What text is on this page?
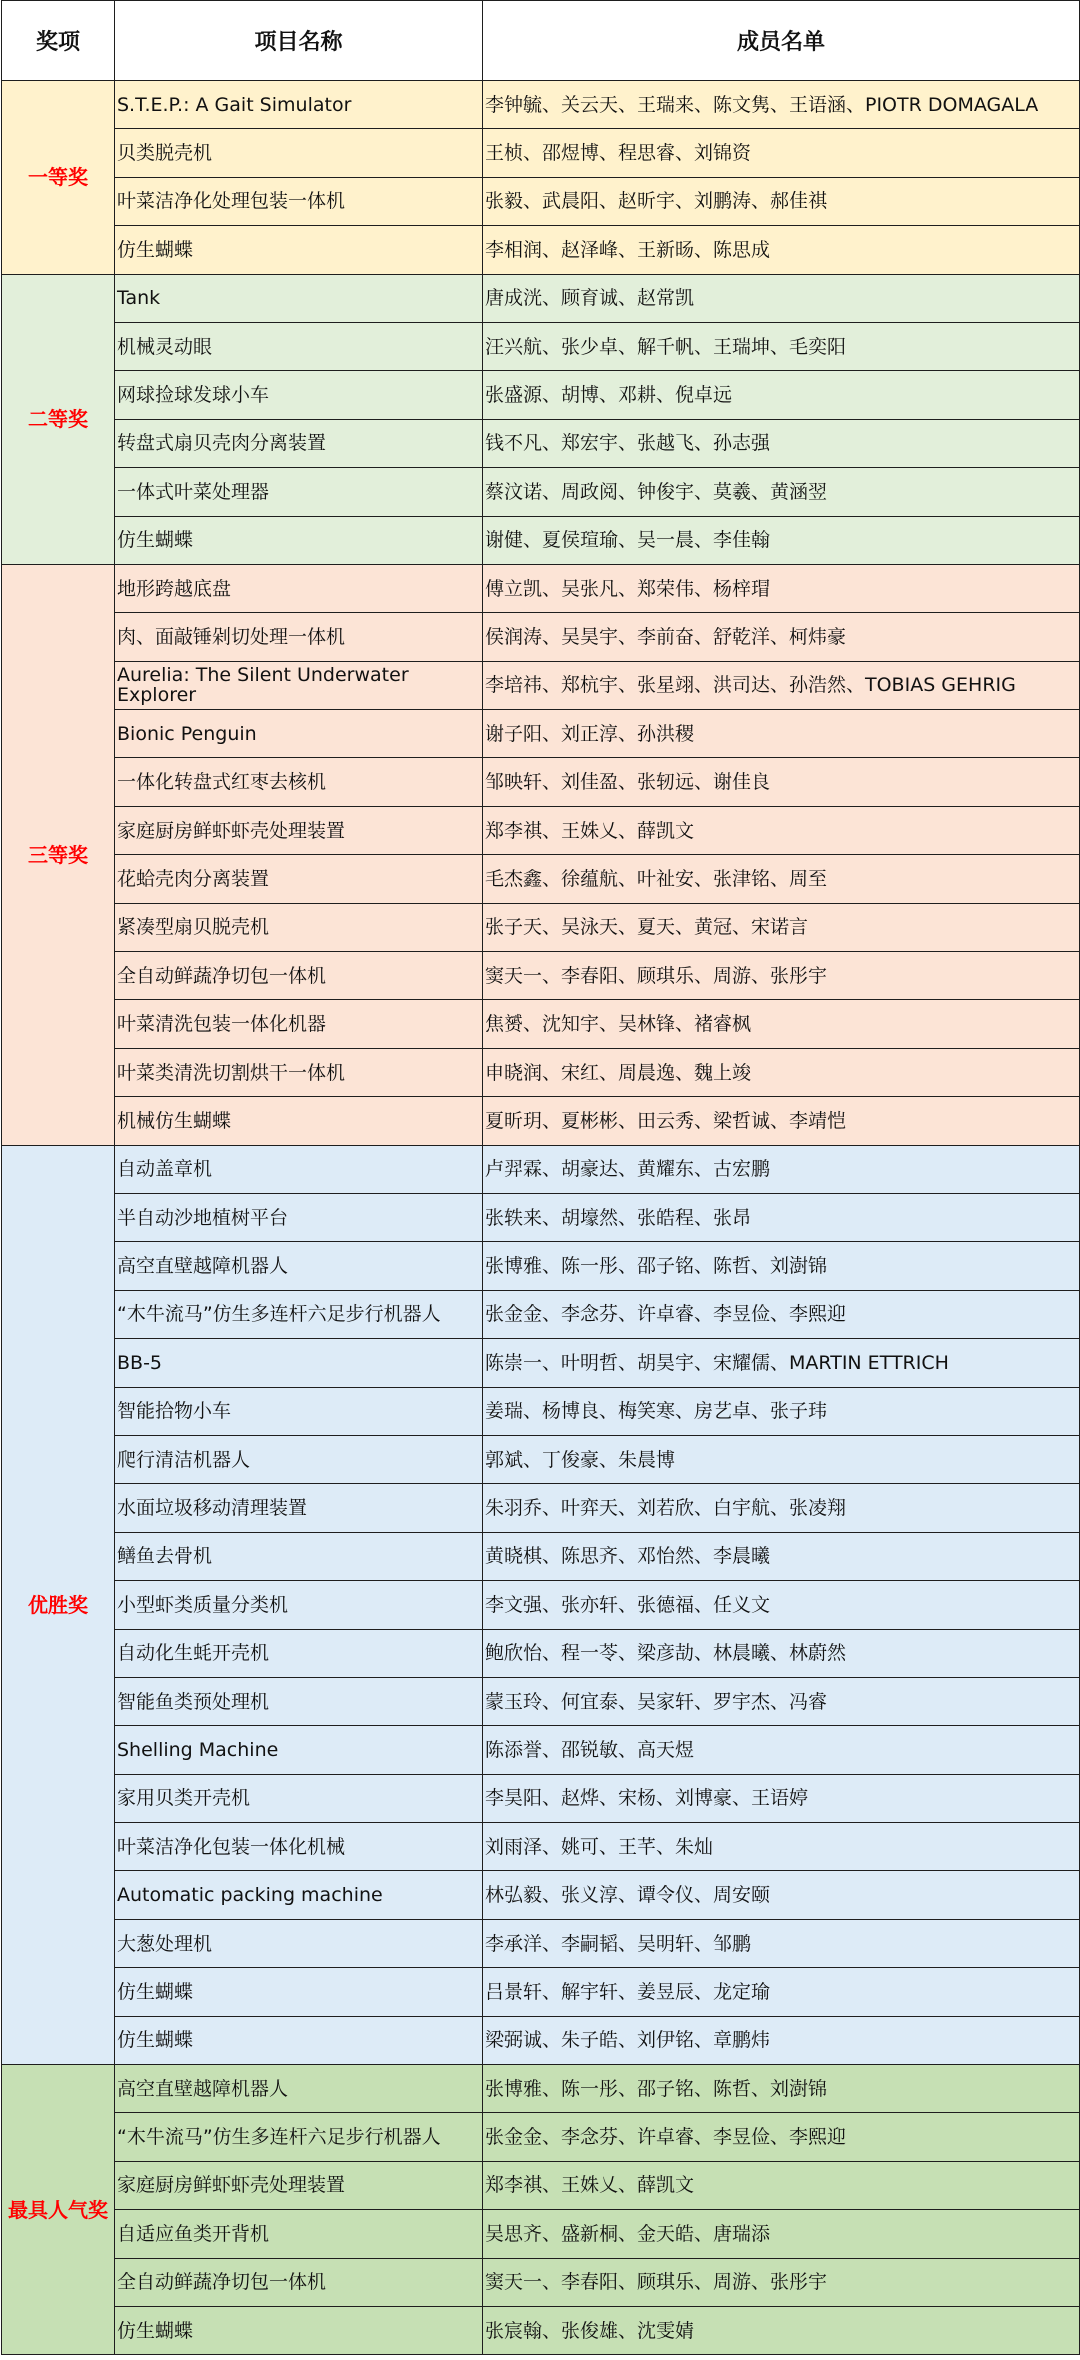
奖项	项目名称	成员名单
一等奖	S.T.E.P.: A Gait Simulator	李钟毓、关云天、王瑞来、陈文隽、王语涵、PIOTR DOMAGALA
	贝类脱壳机	王桢、邵煜博、程思睿、刘锦资
	叶菜洁净化处理包装一体机	张毅、武晨阳、赵昕宇、刘鹏涛、郝佳祺
	仿生蝴蝶	李相润、赵泽峰、王新旸、陈思成
二等奖	Tank	唐成洸、顾育诚、赵常凯
	机械灵动眼	汪兴航、张少卓、解千帆、王瑞坤、毛奕阳
	网球捡球发球小车	张盛源、胡博、邓耕、倪卓远
	转盘式扇贝壳肉分离装置	钱不凡、郑宏宇、张越飞、孙志强
	一体式叶菜处理器	蔡汶诺、周政阅、钟俊宇、莫羲、黄涵翌
	仿生蝴蝶	谢健、夏侯瑄瑜、吴一晨、李佳翰
三等奖	地形跨越底盘	傅立凯、吴张凡、郑荣伟、杨梓瑁
	肉、面敲锤剁切处理一体机	侯润涛、吴昊宇、李前奋、舒乾洋、柯炜豪
	Aurelia: The Silent Underwater Explorer	李培祎、郑杭宇、张星翊、洪司达、孙浩然、TOBIAS GEHRIG
	Bionic Penguin	谢子阳、刘正淳、孙洪稷
	一体化转盘式红枣去核机	邹映轩、刘佳盈、张轫远、谢佳良
	家庭厨房鲜虾虾壳处理装置	郑李祺、王姝乂、薛凯文
	花蛤壳肉分离装置	毛杰鑫、徐蕴航、叶祉安、张津铭、周至
	紧凑型扇贝脱壳机	张子天、吴泳天、夏天、黄冠、宋诺言
	全自动鲜蔬净切包一体机	窦天一、李春阳、顾琪乐、周游、张彤宇
	叶菜清洗包装一体化机器	焦赟、沈知宇、吴林锋、褚睿枫
	叶菜类清洗切割烘干一体机	申晓润、宋红、周晨逸、魏上竣
	机械仿生蝴蝶	夏昕玥、夏彬彬、田云秀、梁哲诚、李靖恺
优胜奖	自动盖章机	卢羿霖、胡豪达、黄耀东、古宏鹏
	半自动沙地植树平台	张轶来、胡壕然、张皓程、张昂
	高空直壁越障机器人	张博雅、陈一彤、邵子铭、陈哲、刘澍锦
	“木牛流马”仿生多连杆六足步行机器人	张金金、李念芬、许卓睿、李昱俭、李熙迎
	BB-5	陈崇一、叶明哲、胡昊宇、宋耀儒、MARTIN ETTRICH
	智能拾物小车	姜瑞、杨博良、梅笑寒、房艺卓、张子玮
	爬行清洁机器人	郭斌、丁俊豪、朱晨博
	水面垃圾移动清理装置	朱羽乔、叶弈天、刘若欣、白宇航、张凌翔
	鳝鱼去骨机	黄晓棋、陈思齐、邓怡然、李晨曦
	小型虾类质量分类机	李文强、张亦轩、张德福、任义文
	自动化生蚝开壳机	鲍欣怡、程一苓、梁彦劼、林晨曦、林蔚然
	智能鱼类预处理机	蒙玉玲、何宜泰、吴家轩、罗宇杰、冯睿
	Shelling Machine	陈添誉、邵锐敏、高天煜
	家用贝类开壳机	李昊阳、赵烨、宋杨、刘博豪、王语婷
	叶菜洁净化包装一体化机械	刘雨泽、姚可、王芊、朱灿
	Automatic packing machine	林弘毅、张义淳、谭令仪、周安颐
	大葱处理机	李承洋、李嗣韬、吴明轩、邹鹏
	仿生蝴蝶	吕景轩、解宇轩、姜昱辰、龙定瑜
	仿生蝴蝶	梁弼诚、朱子皓、刘伊铭、章鹏炜
最具人气奖	高空直壁越障机器人	张博雅、陈一彤、邵子铭、陈哲、刘澍锦
	“木牛流马”仿生多连杆六足步行机器人	张金金、李念芬、许卓睿、李昱俭、李熙迎
	家庭厨房鲜虾虾壳处理装置	郑李祺、王姝乂、薛凯文
	自适应鱼类开背机	吴思齐、盛新桐、金天皓、唐瑞添
	全自动鲜蔬净切包一体机	窦天一、李春阳、顾琪乐、周游、张彤宇
	仿生蝴蝶	张宸翰、张俊雄、沈雯婧
